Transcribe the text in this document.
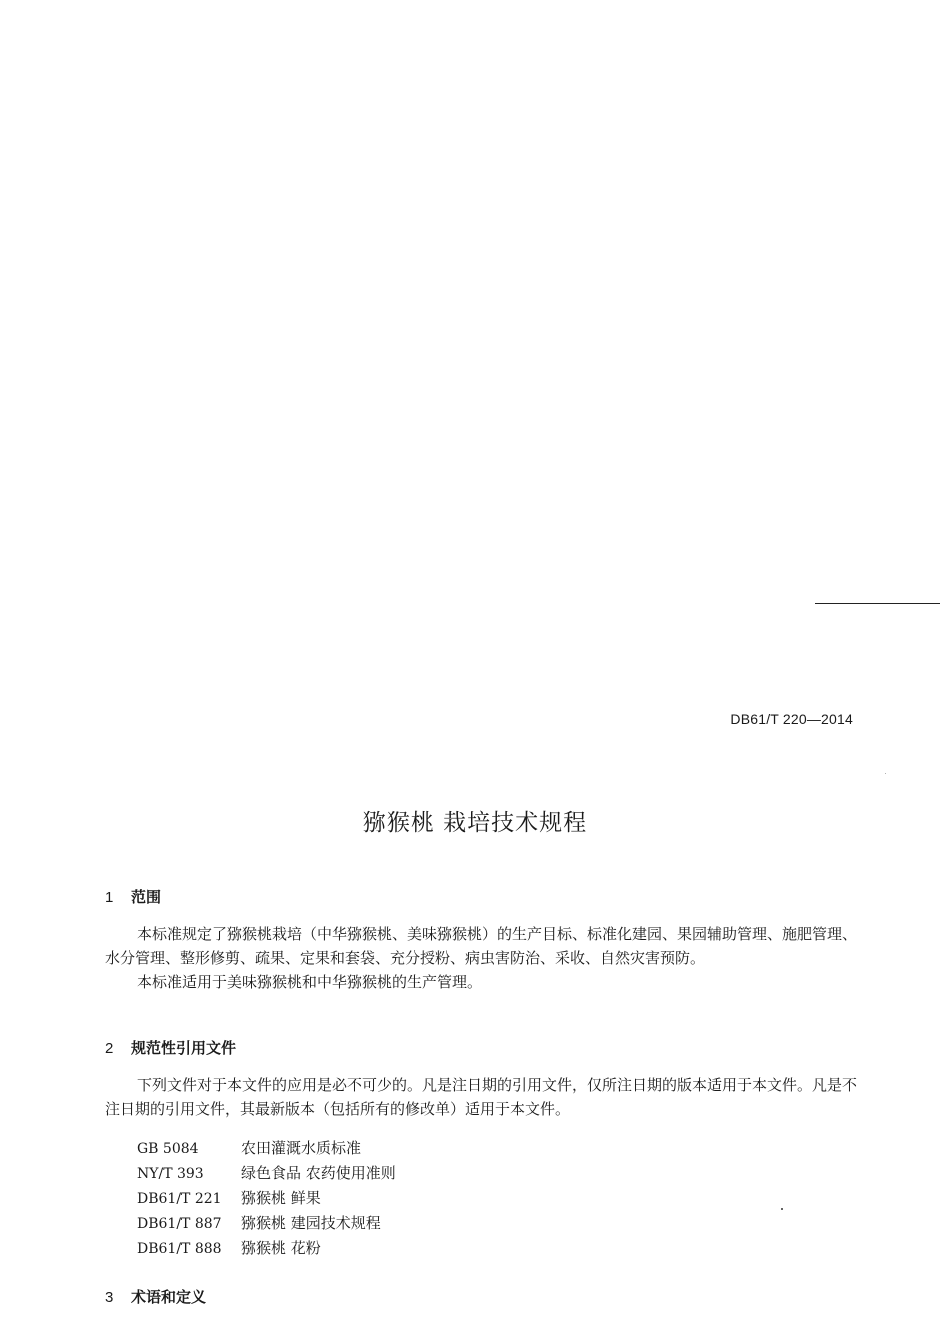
DB61/T 220—2014
猕猴桃 栽培技术规程
1 范围

本标准规定了猕猴桃栽培（中华猕猴桃、美味猕猴桃）的生产目标、标准化建园、果园辅助管理、施肥管理、水分管理、整形修剪、疏果、定果和套袋、充分授粉、病虫害防治、采收、自然灾害预防。

本标准适用于美味猕猴桃和中华猕猴桃的生产管理。

2 规范性引用文件

下列文件对于本文件的应用是必不可少的。凡是注日期的引用文件，仅所注日期的版本适用于本文件。凡是不注日期的引用文件，其最新版本（包括所有的修改单）适用于本文件。

GB 5084	农田灌溉水质标准
NY/T 393 绿色食品 农药使用准则
DB61/T 221 猕猴桃 鲜果
DB61/T 887 猕猴桃 建园技术规程
DB61/T 888 猕猴桃 花粉
3 术语和定义
